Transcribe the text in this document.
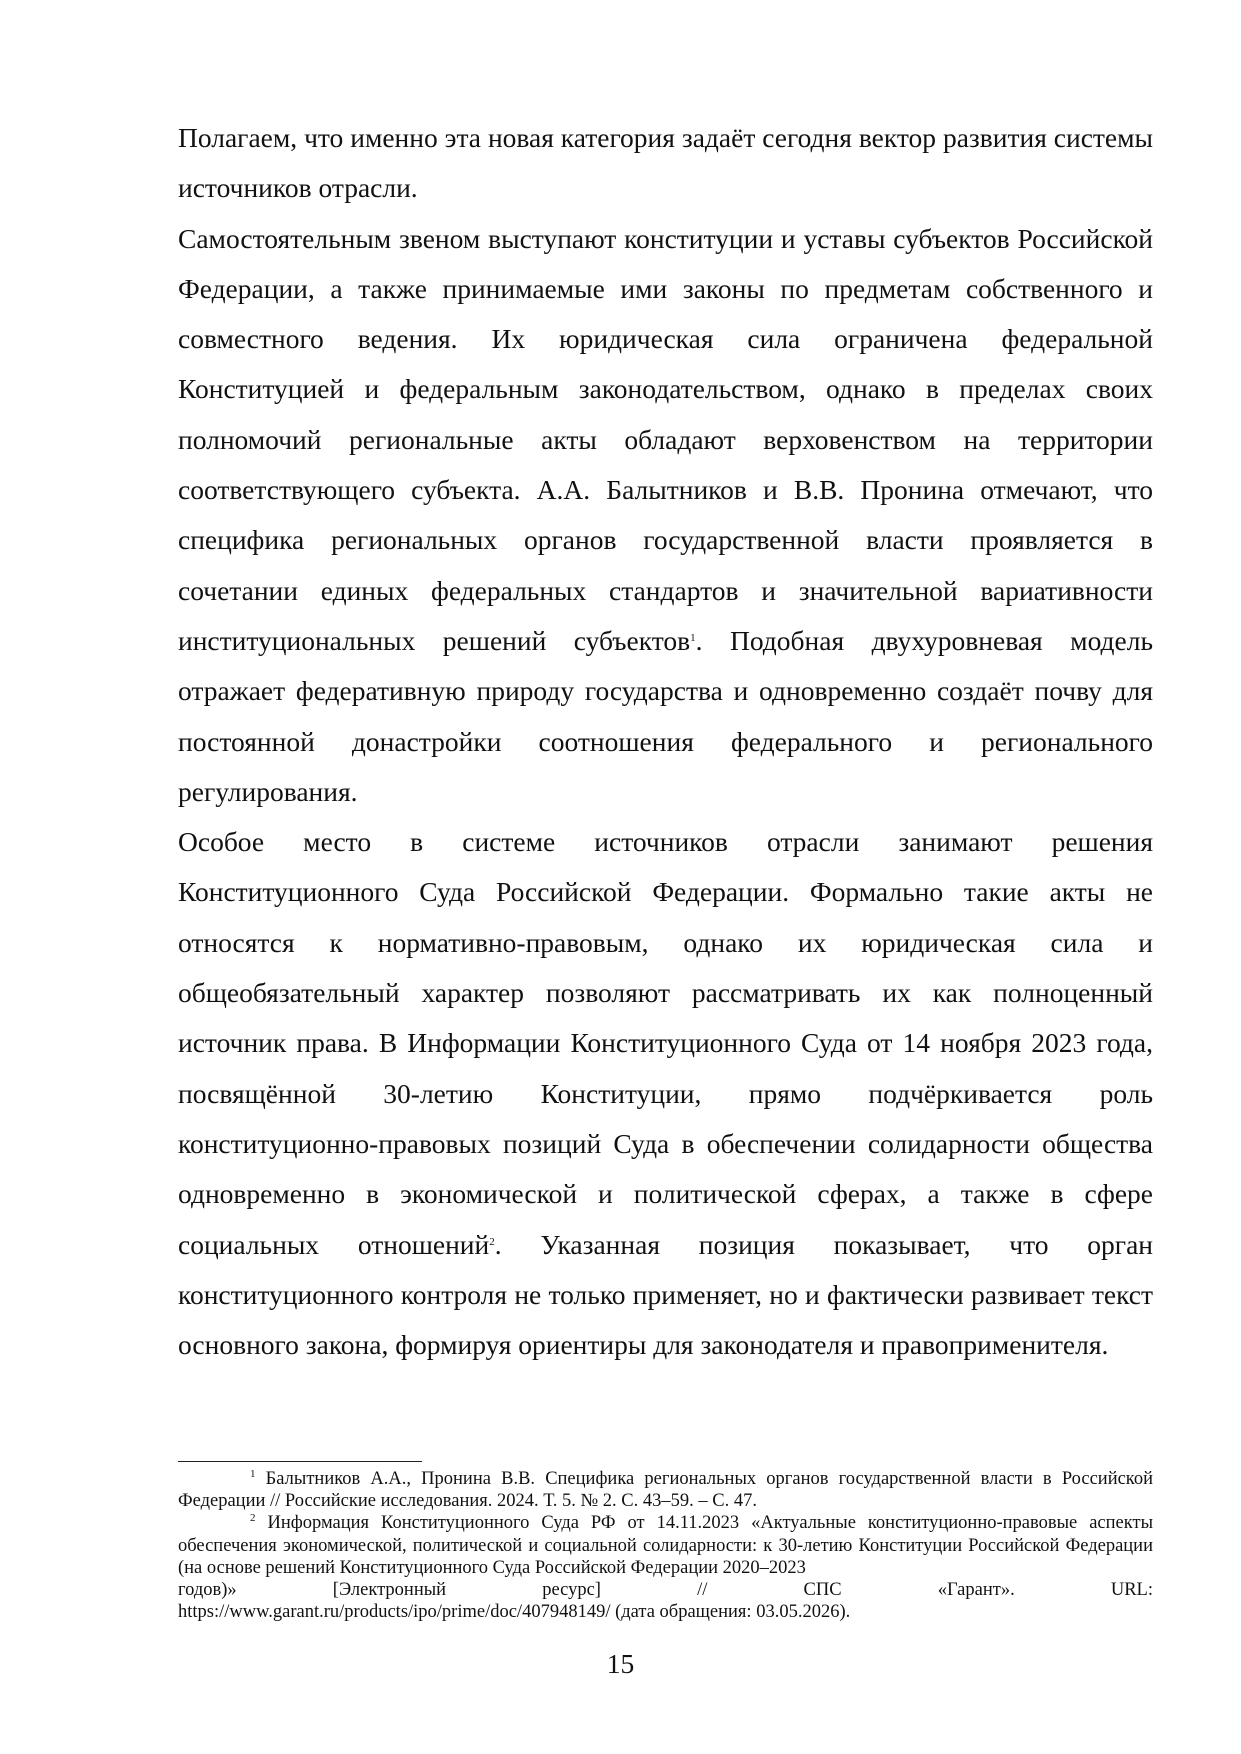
Полагаем, что именно эта новая категория задаёт сегодня вектор развития системы источников отрасли.

Самостоятельным звеном выступают конституции и уставы субъектов Российской Федерации, а также принимаемые ими законы по предметам собственного и совместного ведения. Их юридическая сила ограничена федеральной Конституцией и федеральным законодательством, однако в пределах своих полномочий региональные акты обладают верховенством на территории соответствующего субъекта. А.А. Балытников и В.В. Пронина отмечают, что специфика региональных органов государственной власти проявляется в сочетании единых федеральных стандартов и значительной вариативности институциональных решений субъектов$^1$. Подобная двухуровневая модель отражает федеративную природу государства и одновременно создаёт почву для постоянной донастройки соотношения федерального и регионального регулирования.

Особое место в системе источников отрасли занимают решения Конституционного Суда Российской Федерации. Формально такие акты не относятся к нормативно-правовым, однако их юридическая сила и общеобязательный характер позволяют рассматривать их как полноценный источник права. В Информации Конституционного Суда от 14 ноября 2023 года, посвящённой 30-летию Конституции, прямо подчёркивается роль конституционно-правовых позиций Суда в обеспечении солидарности общества одновременно в экономической и политической сферах, а также в сфере социальных отношений$^2$. Указанная позиция показывает, что орган конституционного контроля не только применяет, но и фактически развивает текст основного закона, формируя ориентиры для законодателя и правоприменителя.

$^1$ Балытников А.А., Пронина В.В. Специфика региональных органов государственной власти в Российской Федерации // Российские исследования. 2024. Т. 5. № 2. С. 43–59. – С. 47.

$^2$ Информация Конституционного Суда РФ от 14.11.2023 «Актуальные конституционно-правовые аспекты обеспечения экономической, политической и социальной солидарности: к 30-летию Конституции Российской Федерации (на основе решений Конституционного Суда Российской Федерации 2020–2023
годов)» [Электронный ресурс] // СПС «Гарант». URL:
https://www.garant.ru/products/ipo/prime/doc/407948149/ (дата обращения: 03.05.2026).

15
